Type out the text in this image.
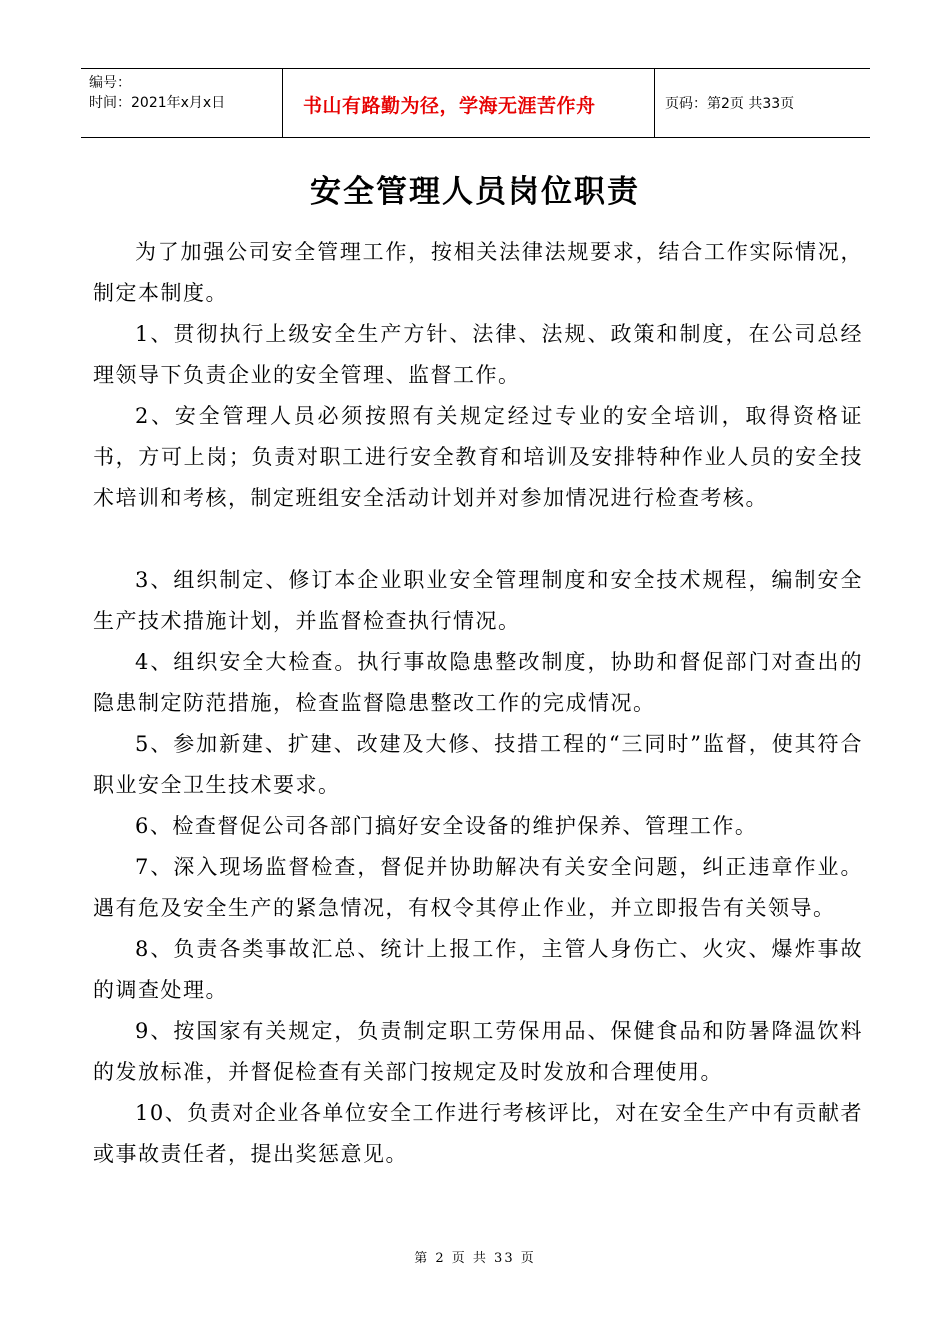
编号：
时间：2021年x月x日	书山有路勤为径，学海无涯苦作舟	页码：第2页 共33页
安全管理人员岗位职责

为了加强公司安全管理工作，按相关法律法规要求，结合工作实际情况，制定本制度。

1、贯彻执行上级安全生产方针、法律、法规、政策和制度，在公司总经理领导下负责企业的安全管理、监督工作。

2、安全管理人员必须按照有关规定经过专业的安全培训，取得资格证书，方可上岗；负责对职工进行安全教育和培训及安排特种作业人员的安全技术培训和考核，制定班组安全活动计划并对参加情况进行检查考核。

3、组织制定、修订本企业职业安全管理制度和安全技术规程，编制安全生产技术措施计划，并监督检查执行情况。

4、组织安全大检查。执行事故隐患整改制度，协助和督促部门对查出的隐患制定防范措施，检查监督隐患整改工作的完成情况。

5、参加新建、扩建、改建及大修、技措工程的“三同时”监督，使其符合职业安全卫生技术要求。

6、检查督促公司各部门搞好安全设备的维护保养、管理工作。

7、深入现场监督检查，督促并协助解决有关安全问题，纠正违章作业。遇有危及安全生产的紧急情况，有权令其停止作业，并立即报告有关领导。

8、负责各类事故汇总、统计上报工作，主管人身伤亡、火灾、爆炸事故的调查处理。

9、按国家有关规定，负责制定职工劳保用品、保健食品和防暑降温饮料的发放标准，并督促检查有关部门按规定及时发放和合理使用。

10、负责对企业各单位安全工作进行考核评比，对在安全生产中有贡献者或事故责任者，提出奖惩意见。

第 2 页 共 33 页
